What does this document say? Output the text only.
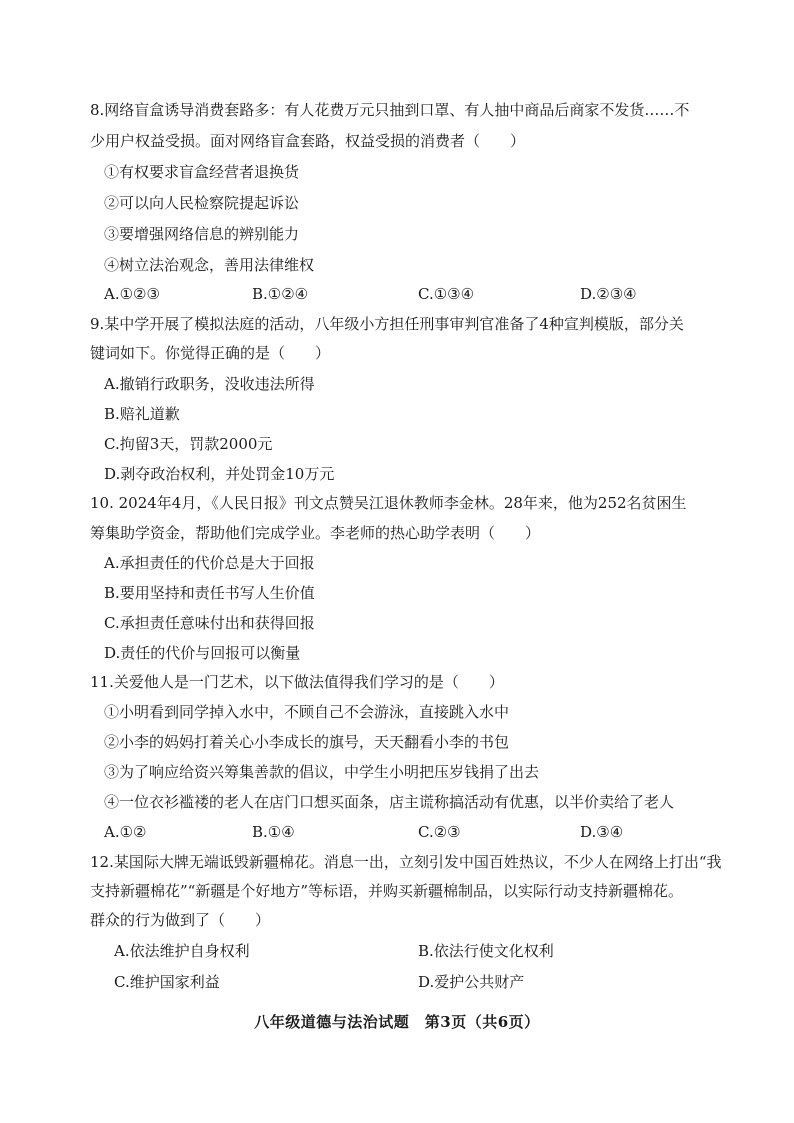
8.网络盲盒诱导消费套路多：有人花费万元只抽到口罩、有人抽中商品后商家不发货……不
少用户权益受损。面对网络盲盒套路，权益受损的消费者（　　）
①有权要求盲盒经营者退换货
②可以向人民检察院提起诉讼
③要增强网络信息的辨别能力
④树立法治观念，善用法律维权
A.①②③	B.①②④	C.①③④	D.②③④
9.某中学开展了模拟法庭的活动，八年级小方担任刑事审判官准备了4种宣判模版，部分关
键词如下。你觉得正确的是（　　）
A.撤销行政职务，没收违法所得
B.赔礼道歉
C.拘留3天，罚款2000元
D.剥夺政治权利，并处罚金10万元
10. 2024年4月，《人民日报》刊文点赞吴江退休教师李金林。28年来，他为252名贫困生
筹集助学资金，帮助他们完成学业。李老师的热心助学表明（　　）
A.承担责任的代价总是大于回报
B.要用坚持和责任书写人生价值
C.承担责任意味付出和获得回报
D.责任的代价与回报可以衡量
11.关爱他人是一门艺术，以下做法值得我们学习的是（　　）
①小明看到同学掉入水中，不顾自己不会游泳，直接跳入水中
②小李的妈妈打着关心小李成长的旗号，天天翻看小李的书包
③为了响应给资兴筹集善款的倡议，中学生小明把压岁钱捐了出去
④一位衣衫褴褛的老人在店门口想买面条，店主谎称搞活动有优惠，以半价卖给了老人
A.①②	B.①④	C.②③	D.③④
12.某国际大牌无端诋毁新疆棉花。消息一出，立刻引发中国百姓热议，不少人在网络上打出“我
支持新疆棉花”“新疆是个好地方”等标语，并购买新疆棉制品，以实际行动支持新疆棉花。
群众的行为做到了（　　）
A.依法维护自身权利	B.依法行使文化权利
C.维护国家利益	D.爱护公共财产
八年级道德与法治试题　第3页（共6页）
